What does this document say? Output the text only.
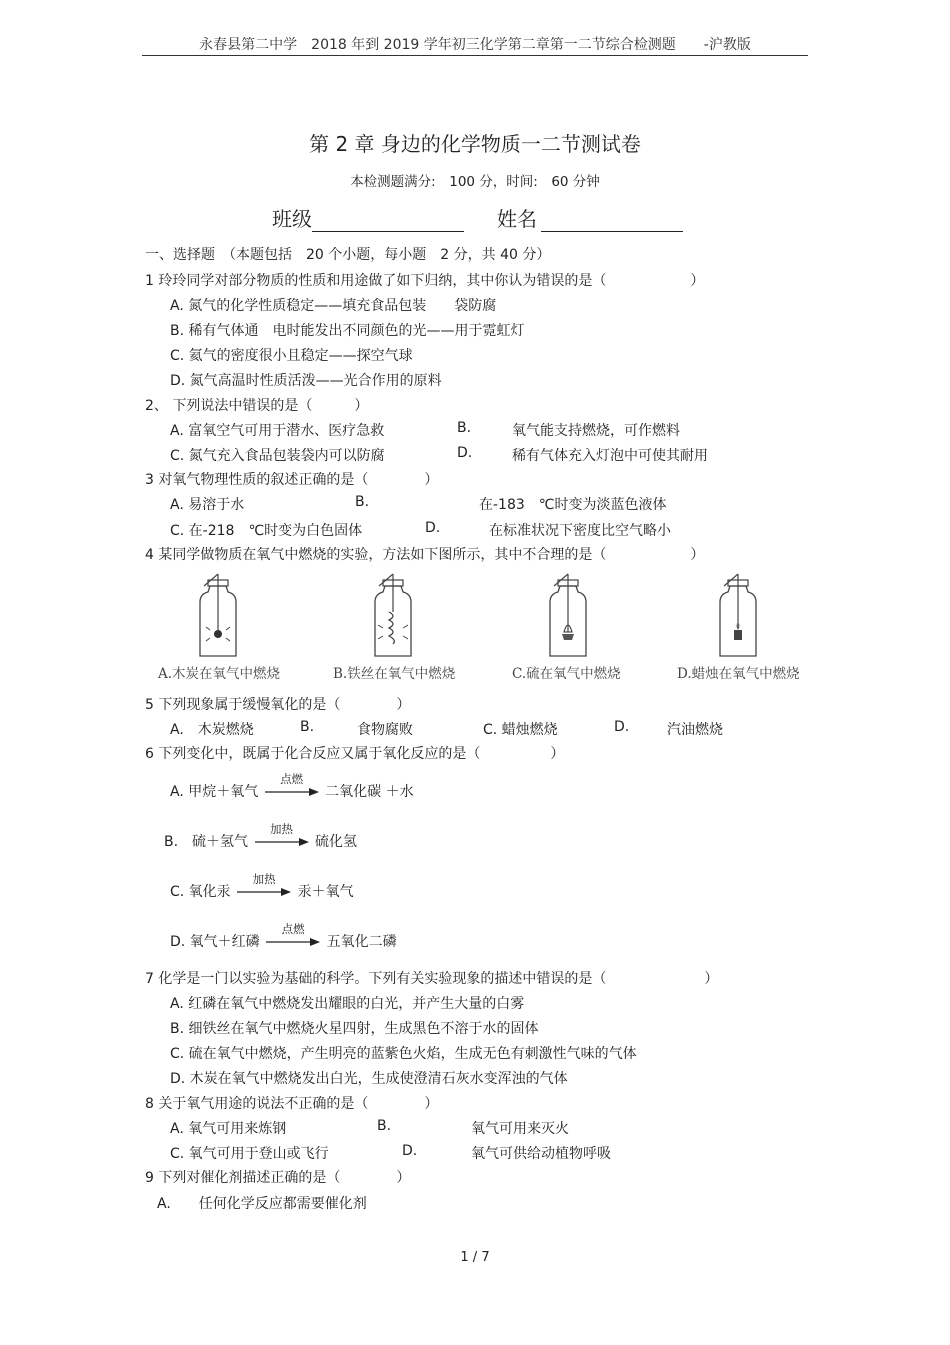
永春县第二中学　2018 年到 2019 学年初三化学第二章第一二节综合检测题　　-沪教版
第 2 章 身边的化学物质一二节测试卷
本检测题满分:　100 分，时间:　60 分钟
班级	姓名
一、选择题　（本题包括　20 个小题，每小题　2 分，共 40 分）
1 玲玲同学对部分物质的性质和用途做了如下归纳，其中你认为错误的是（　　　　　　）
A. 氮气的化学性质稳定——填充食品包装　　袋防腐
B. 稀有气体通　电时能发出不同颜色的光——用于霓虹灯
C. 氦气的密度很小且稳定——探空气球
D. 氮气高温时性质活泼——光合作用的原料
2、 下列说法中错误的是（　　　）
A. 富氧空气可用于潜水、医疗急救	B.	氧气能支持燃烧，可作燃料
C. 氮气充入食品包装袋内可以防腐	D.	稀有气体充入灯泡中可使其耐用
3 对氧气物理性质的叙述正确的是（　　　　）
A. 易溶于水	B.	在-183　℃时变为淡蓝色液体
C. 在-218　℃时变为白色固体	D.	在标准状况下密度比空气略小
4 某同学做物质在氧气中燃烧的实验，方法如下图所示，其中不合理的是（　　　　　　）
A.木炭在氧气中燃烧	B.铁丝在氧气中燃烧	C.硫在氧气中燃烧	D.蜡烛在氧气中燃烧
5 下列现象属于缓慢氧化的是（　　　　）
A.　木炭燃烧	B.	食物腐败	C. 蜡烛燃烧	D.	汽油燃烧
6 下列变化中，既属于化合反应又属于氧化反应的是（　　　　　）
A. 甲烷＋氧气
点燃
二氧化碳 ＋水
B.　硫＋氢气
加热
硫化氢
C. 氧化汞
加热
汞＋氧气
D. 氧气＋红磷
点燃
五氧化二磷
7 化学是一门以实验为基础的科学。下列有关实验现象的描述中错误的是（　　　　　　　）
A. 红磷在氧气中燃烧发出耀眼的白光，并产生大量的白雾
B. 细铁丝在氧气中燃烧火星四射，生成黑色不溶于水的固体
C. 硫在氧气中燃烧，产生明亮的蓝紫色火焰，生成无色有刺激性气味的气体
D. 木炭在氧气中燃烧发出白光，生成使澄清石灰水变浑浊的气体
8 关于氧气用途的说法不正确的是（　　　　）
A. 氧气可用来炼钢	B.	氧气可用来灭火
C. 氧气可用于登山或飞行	D.	氧气可供给动植物呼吸
9 下列对催化剂描述正确的是（　　　　）
A.　　任何化学反应都需要催化剂
1 / 7
